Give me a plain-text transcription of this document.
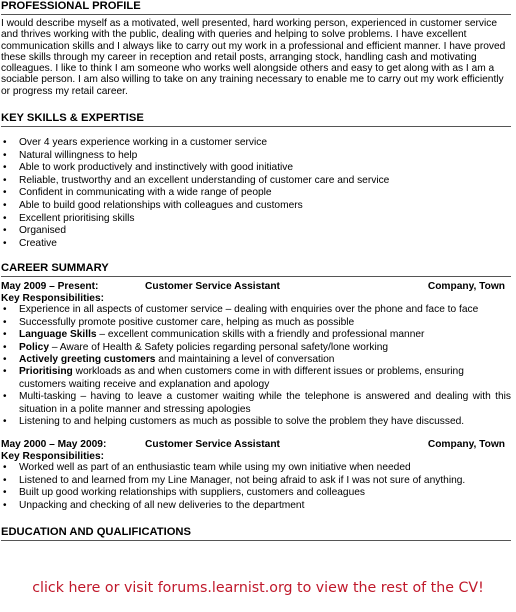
PROFESSIONAL PROFILE

I would describe myself as a motivated, well presented, hard working person, experienced in customer service and thrives working with the public, dealing with queries and helping to solve problems. I have excellent communication skills and I always like to carry out my work in a professional and efficient manner. I have proved these skills through my career in reception and retail posts, arranging stock, handling cash and motivating colleagues. I like to think I am someone who works well alongside others and easy to get along with as I am a sociable person. I am also willing to take on any training necessary to enable me to carry out my work efficiently or progress my retail career.

KEY SKILLS & EXPERTISE
• Over 4 years experience working in a customer service
• Natural willingness to help
• Able to work productively and instinctively with good initiative
• Reliable, trustworthy and an excellent understanding of customer care and service
• Confident in communicating with a wide range of people
• Able to build good relationships with colleagues and customers
• Excellent prioritising skills
• Organised
• Creative
CAREER SUMMARY
May 2009 – Present:	Customer Service Assistant	Company, Town
Key Responsibilities:
• Experience in all aspects of customer service – dealing with enquiries over the phone and face to face
• Successfully promote positive customer care, helping as much as possible
• Language Skills – excellent communication skills with a friendly and professional manner
• Policy – Aware of Health & Safety policies regarding personal safety/lone working
• Actively greeting customers and maintaining a level of conversation
• Prioritising workloads as and when customers come in with different issues or problems, ensuring customers waiting receive and explanation and apology
• Multi-tasking – having to leave a customer waiting while the telephone is answered and dealing with this situation in a polite manner and stressing apologies
• Listening to and helping customers as much as possible to solve the problem they have discussed.
May 2000 – May 2009:	Customer Service Assistant	Company, Town
Key Responsibilities:
• Worked well as part of an enthusiastic team while using my own initiative when needed
• Listened to and learned from my Line Manager, not being afraid to ask if I was not sure of anything.
• Built up good working relationships with suppliers, customers and colleagues
• Unpacking and checking of all new deliveries to the department
EDUCATION AND QUALIFICATIONS
click here or visit forums.learnist.org to view the rest of the CV!
